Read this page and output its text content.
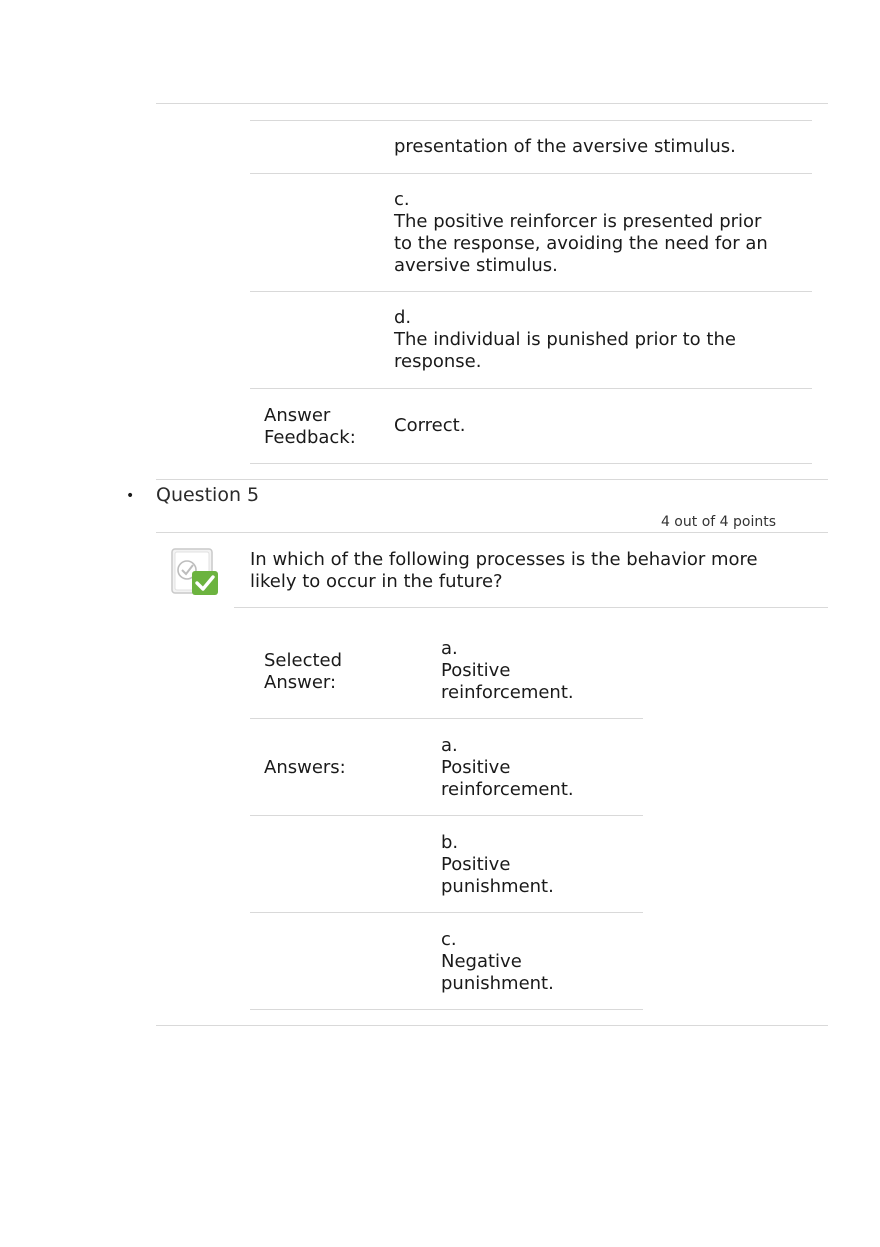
presentation of the aversive stimulus.
c.
The positive reinforcer is presented prior
to the response, avoiding the need for an
aversive stimulus.
d.
The individual is punished prior to the
response.
Answer
Feedback:
Correct.
• Question 5
4 out of 4 points
In which of the following processes is the behavior more
likely to occur in the future?
Selected
Answer:
a.
Positive
reinforcement.
Answers:
a.
Positive
reinforcement.
b.
Positive
punishment.
c.
Negative
punishment.
